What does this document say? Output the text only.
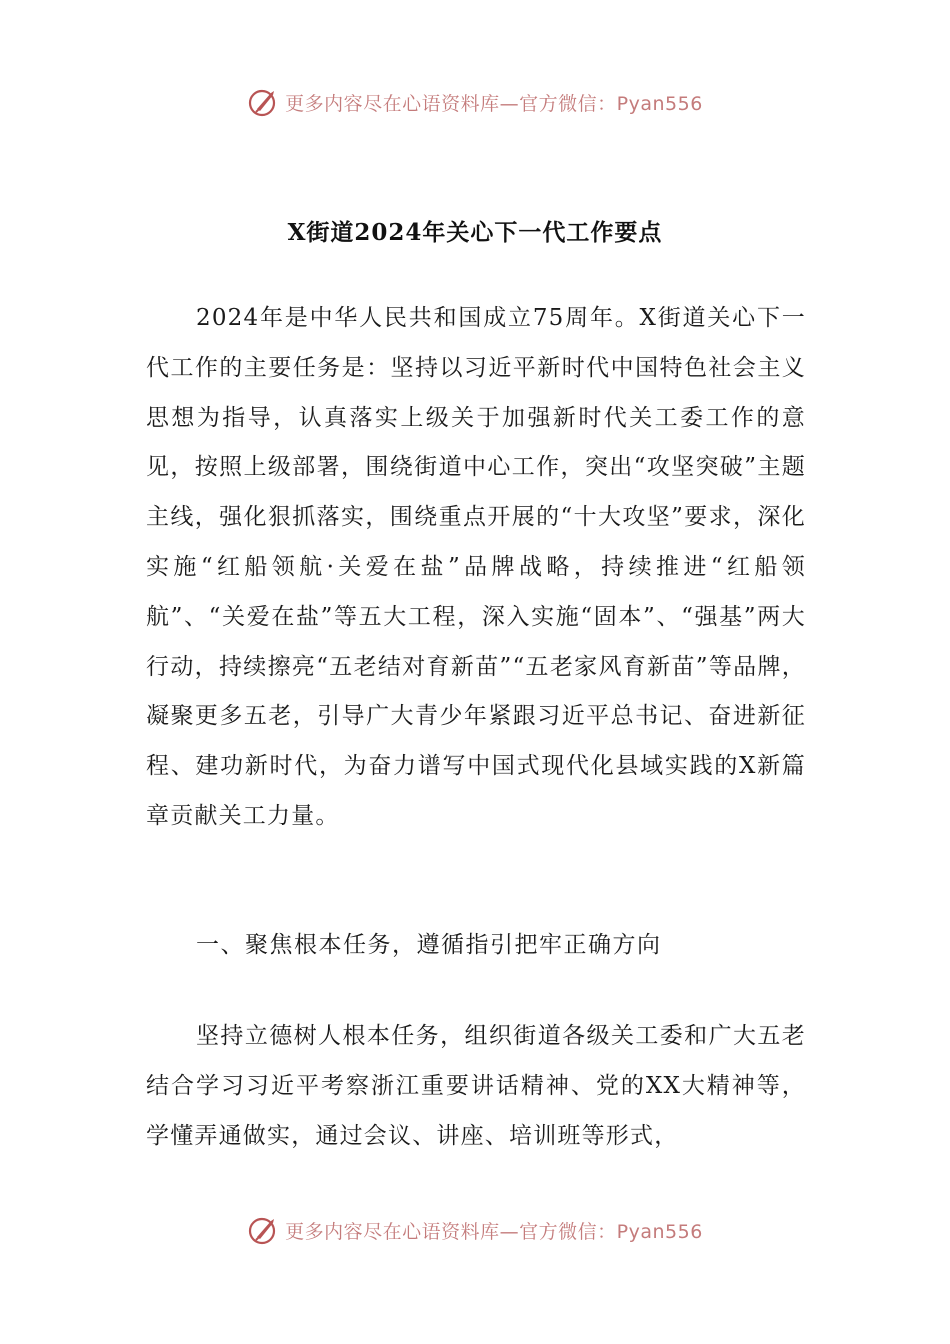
更多内容尽在心语资料库—官方微信：Pyan556
X街道2024年关心下一代工作要点

2024年是中华人民共和国成立75周年。X街道关心下一代工作的主要任务是：坚持以习近平新时代中国特色社会主义思想为指导，认真落实上级关于加强新时代关工委工作的意见，按照上级部署，围绕街道中心工作，突出“攻坚突破”主题主线，强化狠抓落实，围绕重点开展的“十大攻坚”要求，深化实施“红船领航·关爱在盐”品牌战略，持续推进“红船领航”、“关爱在盐”等五大工程，深入实施“固本”、“强基”两大行动，持续擦亮“五老结对育新苗”“五老家风育新苗”等品牌，凝聚更多五老，引导广大青少年紧跟习近平总书记、奋进新征程、建功新时代，为奋力谱写中国式现代化县域实践的X新篇章贡献关工力量。

一、聚焦根本任务，遵循指引把牢正确方向

坚持立德树人根本任务，组织街道各级关工委和广大五老结合学习习近平考察浙江重要讲话精神、党的XX大精神等，学懂弄通做实，通过会议、讲座、培训班等形式，

更多内容尽在心语资料库—官方微信：Pyan556
